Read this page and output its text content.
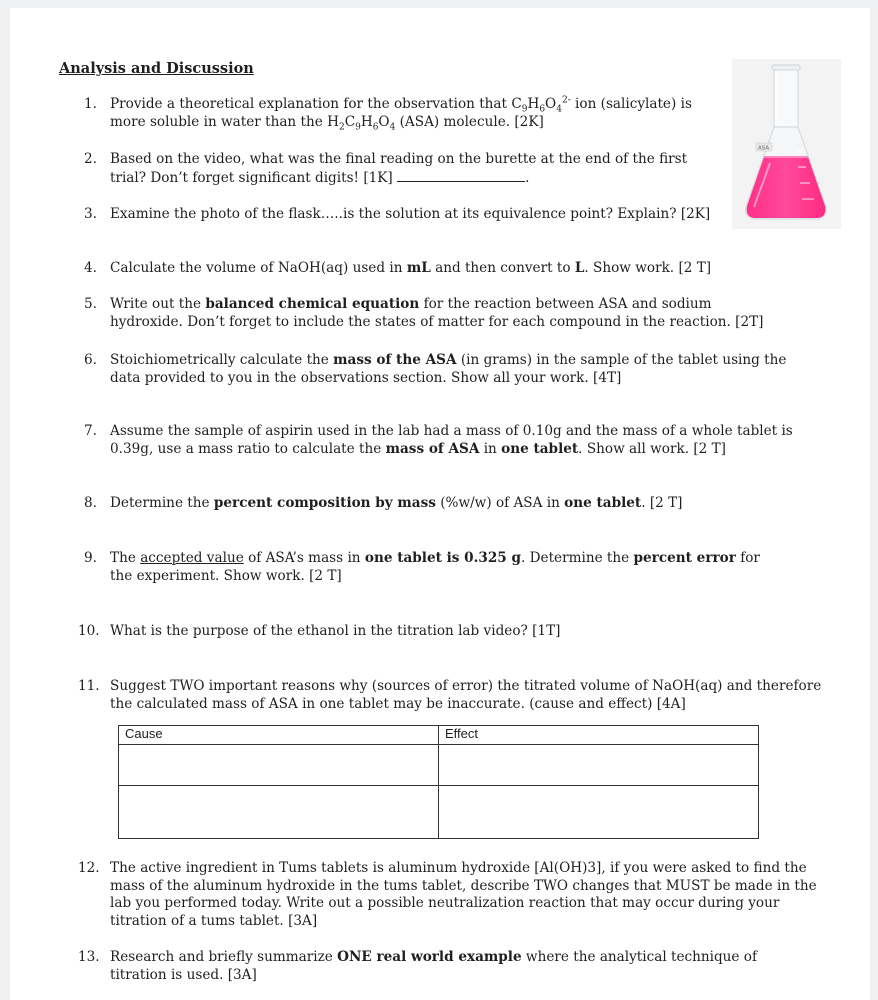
Analysis and Discussion
ASA
1. Provide a theoretical explanation for the observation that $C_9H_6O_4^{2-}$ ion (salicylate) is more soluble in water than the $H_2C_9H_6O_4$ (ASA) molecule. [2K]
2. Based on the video, what was the final reading on the burette at the end of the first trial? Don’t forget significant digits! [1K]	.
3. Examine the photo of the flask…..is the solution at its equivalence point? Explain? [2K]
4. Calculate the volume of NaOH(aq) used in mL and then convert to L. Show work. [2 T]
5. Write out the balanced chemical equation for the reaction between ASA and sodium hydroxide. Don’t forget to include the states of matter for each compound in the reaction. [2T]
6. Stoichiometrically calculate the mass of the ASA (in grams) in the sample of the tablet using the data provided to you in the observations section. Show all your work. [4T]
7. Assume the sample of aspirin used in the lab had a mass of 0.10g and the mass of a whole tablet is 0.39g, use a mass ratio to calculate the mass of ASA in one tablet. Show all work. [2 T]
8. Determine the percent composition by mass (%w/w) of ASA in one tablet. [2 T]
9. The accepted value of ASA’s mass in one tablet is 0.325 g. Determine the percent error for the experiment. Show work. [2 T]
10. What is the purpose of the ethanol in the titration lab video? [1T]
11. Suggest TWO important reasons why (sources of error) the titrated volume of NaOH(aq) and therefore the calculated mass of ASA in one tablet may be inaccurate. (cause and effect) [4A]
Cause	Effect

12. The active ingredient in Tums tablets is aluminum hydroxide [Al(OH)3], if you were asked to find the mass of the aluminum hydroxide in the tums tablet, describe TWO changes that MUST be made in the lab you performed today. Write out a possible neutralization reaction that may occur during your titration of a tums tablet. [3A]
13. Research and briefly summarize ONE real world example where the analytical technique of titration is used. [3A]
